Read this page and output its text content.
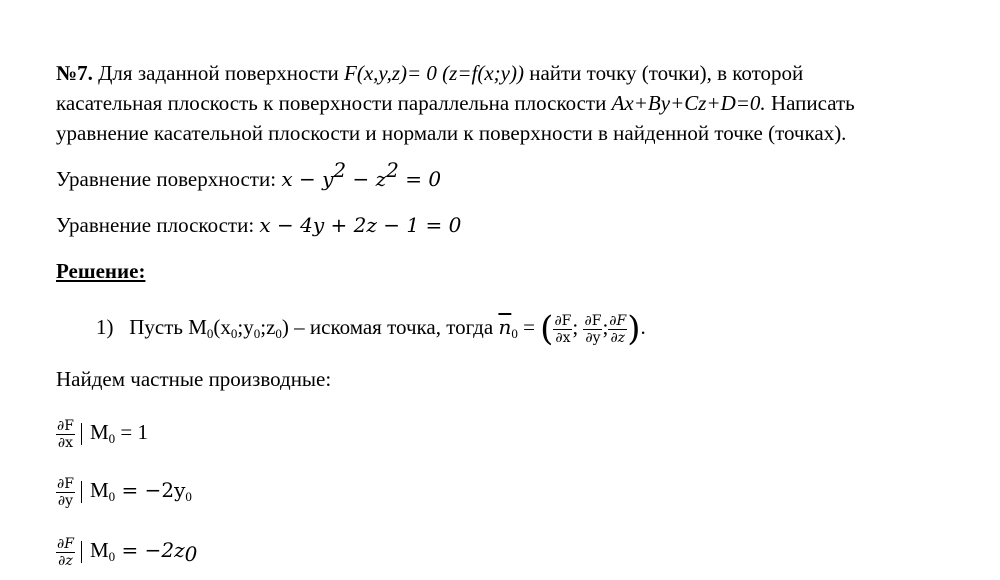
№7. Для заданной поверхности F(x,y,z)= 0 (z=f(x;y)) найти точку (точки), в которой
касательная плоскость к поверхности параллельна плоскости Ax+By+Cz+D=0. Написать
уравнение касательной плоскости и нормали к поверхности в найденной точке (точках).
Уравнение поверхности: $x - y^2 - z^2 = 0$
Уравнение плоскости: x − 4y + 2z − 1 = 0
Решение:
1) Пусть $M_0(x_0;y_0;z_0)$ – искомая точка, тогда $\overline{n}_0$ = ( $\frac{\partial F}{\partial x}$ ; $\frac{\partial F}{\partial y}$ ; $\frac{\partial F}{\partial z}$ ).
Найдем частные производные:
$\frac{\partial F}{\partial x} M_0 = 1$
$\frac{\partial F}{\partial y} M_0 = -2y_0$
$\frac{\partial F}{\partial z} M_0 = -2z_0$
